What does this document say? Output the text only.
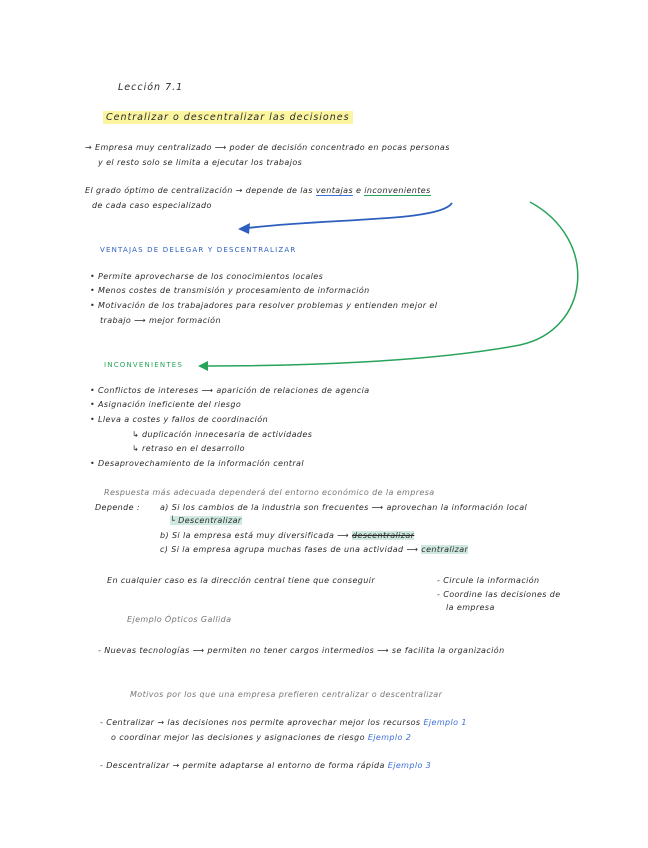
Lección 7.1
Centralizar o descentralizar las decisiones
→ Empresa muy centralizado ⟶ poder de decisión concentrado en pocas personas
y el resto solo se limita a ejecutar los trabajos
El grado óptimo de centralización → depende de las ventajas e inconvenientes
de cada caso especializado
VENTAJAS DE DELEGAR Y DESCENTRALIZAR
• Permite aprovecharse de los conocimientos locales
• Menos costes de transmisión y procesamiento de información
• Motivación de los trabajadores para resolver problemas y entienden mejor el
trabajo ⟶ mejor formación
INCONVENIENTES
• Conflictos de intereses ⟶ aparición de relaciones de agencia
• Asignación ineficiente del riesgo
• Lleva a costes y fallos de coordinación
↳ duplicación innecesaria de actividades
↳ retraso en el desarrollo
• Desaprovechamiento de la información central
Respuesta más adecuada dependerá del entorno económico de la empresa
Depende :	a) Si los cambios de la industria son frecuentes ⟶ aprovechan la información local
└ Descentralizar
b) Si la empresa está muy diversificada ⟶ descentralizar
c) Si la empresa agrupa muchas fases de una actividad ⟶ centralizar
En cualquier caso es la dirección central tiene que conseguir	- Circule la información
- Coordine las decisiones de
la empresa
Ejemplo Ópticos Gallida
- Nuevas tecnologías ⟶ permiten no tener cargos intermedios ⟶ se facilita la organización
Motivos por los que una empresa prefieren centralizar o descentralizar
- Centralizar → las decisiones nos permite aprovechar mejor los recursos Ejemplo 1
o coordinar mejor las decisiones y asignaciones de riesgo Ejemplo 2
- Descentralizar → permite adaptarse al entorno de forma rápida Ejemplo 3
